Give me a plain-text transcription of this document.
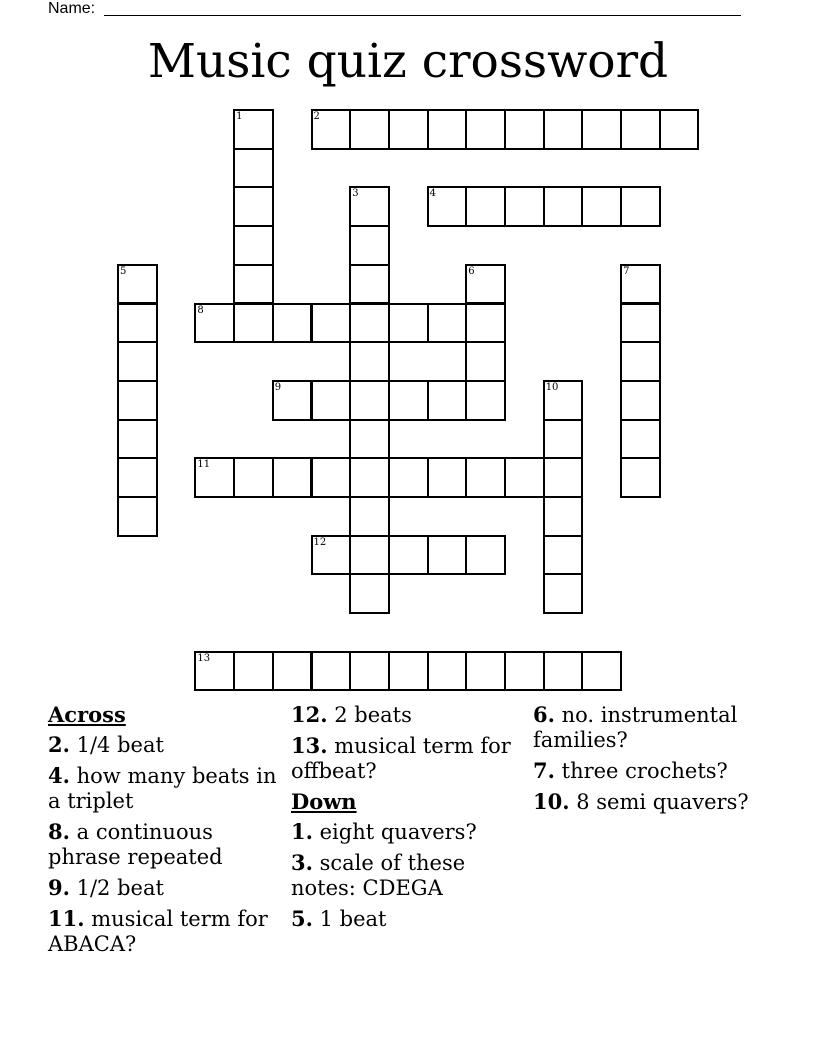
Name:
Music quiz crossword
1	2
3	4
5	6	7
8
9	10
11
12
13
Across
2. 1/4 beat
4. how many beats in a triplet
8. a continuous phrase repeated
9. 1/2 beat
11. musical term for ABACA?
12. 2 beats
13. musical term for offbeat?
Down
1. eight quavers?
3. scale of these notes: CDEGA
5. 1 beat
6. no. instrumental families?
7. three crochets?
10. 8 semi quavers?
